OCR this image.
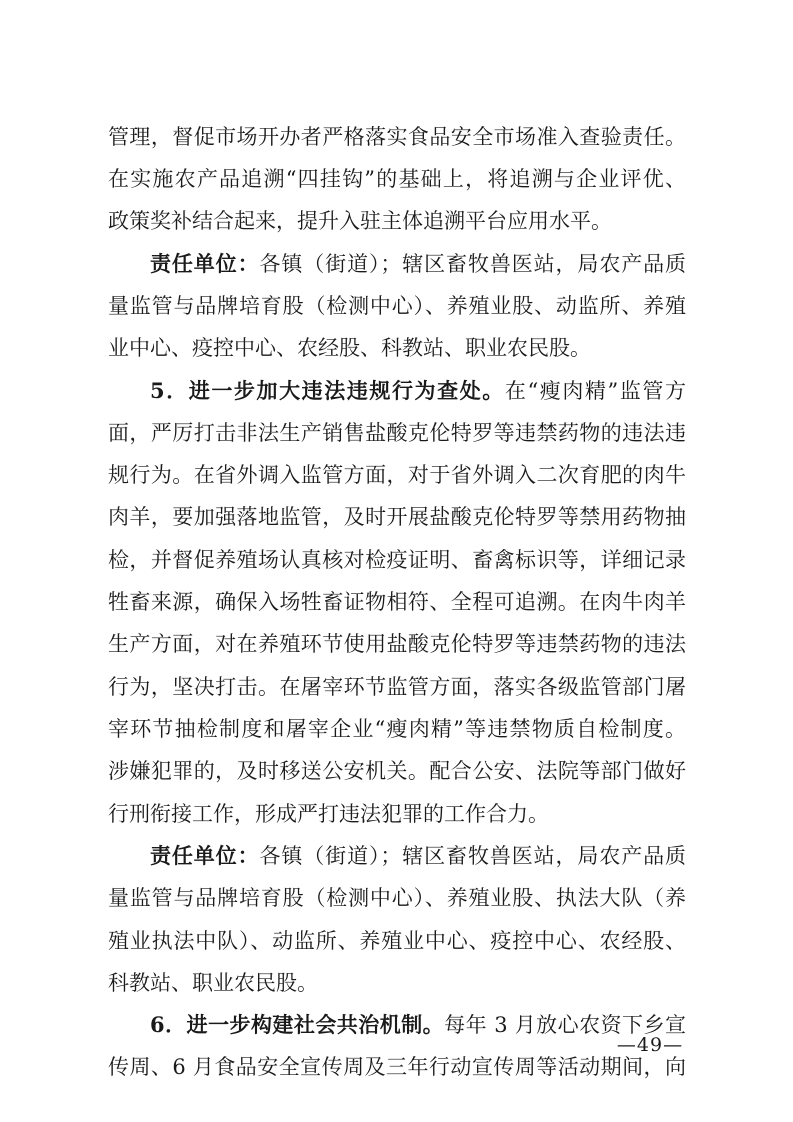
管理，督促市场开办者严格落实食品安全市场准入查验责任。
在实施农产品追溯“四挂钩”的基础上，将追溯与企业评优、
政策奖补结合起来，提升入驻主体追溯平台应用水平。
责任单位：各镇（街道）；辖区畜牧兽医站，局农产品质
量监管与品牌培育股（检测中心）、养殖业股、动监所、养殖
业中心、疫控中心、农经股、科教站、职业农民股。
5．进一步加大违法违规行为查处。在“瘦肉精”监管方
面，严厉打击非法生产销售盐酸克伦特罗等违禁药物的违法违
规行为。在省外调入监管方面，对于省外调入二次育肥的肉牛
肉羊，要加强落地监管，及时开展盐酸克伦特罗等禁用药物抽
检，并督促养殖场认真核对检疫证明、畜禽标识等，详细记录
牲畜来源，确保入场牲畜证物相符、全程可追溯。在肉牛肉羊
生产方面，对在养殖环节使用盐酸克伦特罗等违禁药物的违法
行为，坚决打击。在屠宰环节监管方面，落实各级监管部门屠
宰环节抽检制度和屠宰企业“瘦肉精”等违禁物质自检制度。
涉嫌犯罪的，及时移送公安机关。配合公安、法院等部门做好
行刑衔接工作，形成严打违法犯罪的工作合力。
责任单位：各镇（街道）；辖区畜牧兽医站，局农产品质
量监管与品牌培育股（检测中心）、养殖业股、执法大队（养
殖业执法中队）、动监所、养殖业中心、疫控中心、农经股、
科教站、职业农民股。
6．进一步构建社会共治机制。每年 3 月放心农资下乡宣
传周、6 月食品安全宣传周及三年行动宣传周等活动期间，向
—49—
